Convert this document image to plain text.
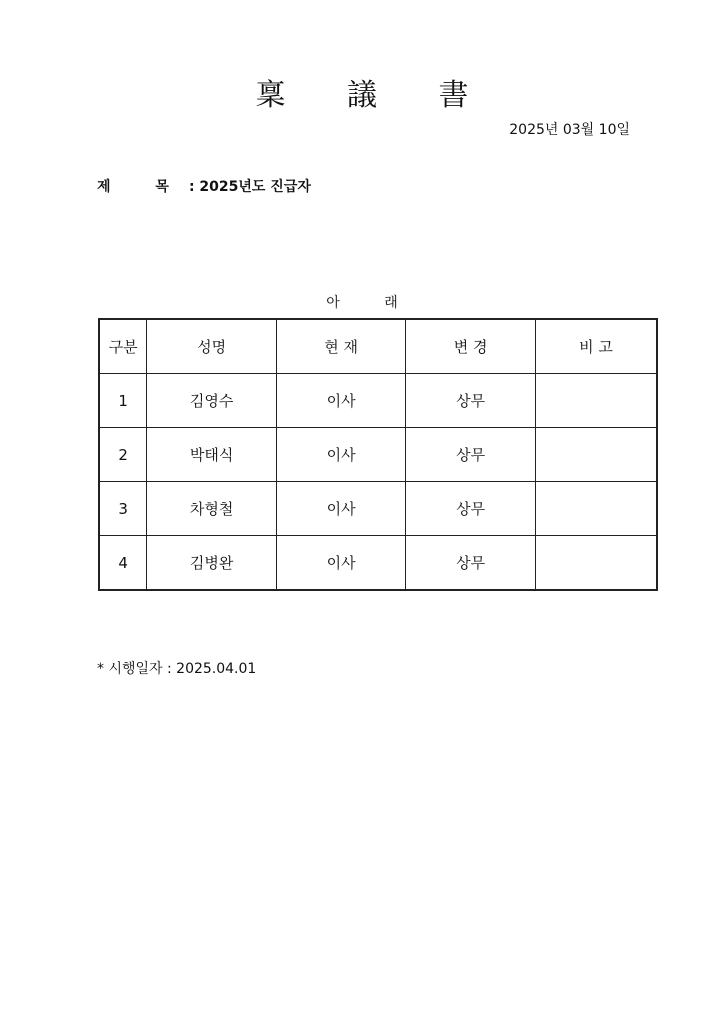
稟 議 書
2025년 03월 10일
제 목: 2025년도 진급자
아 래
구분	성명	현 재	변 경	비 고
1	김영수	이사	상무	
2	박태식	이사	상무	
3	차형철	이사	상무	
4	김병완	이사	상무	
* 시행일자 : 2025.04.01
